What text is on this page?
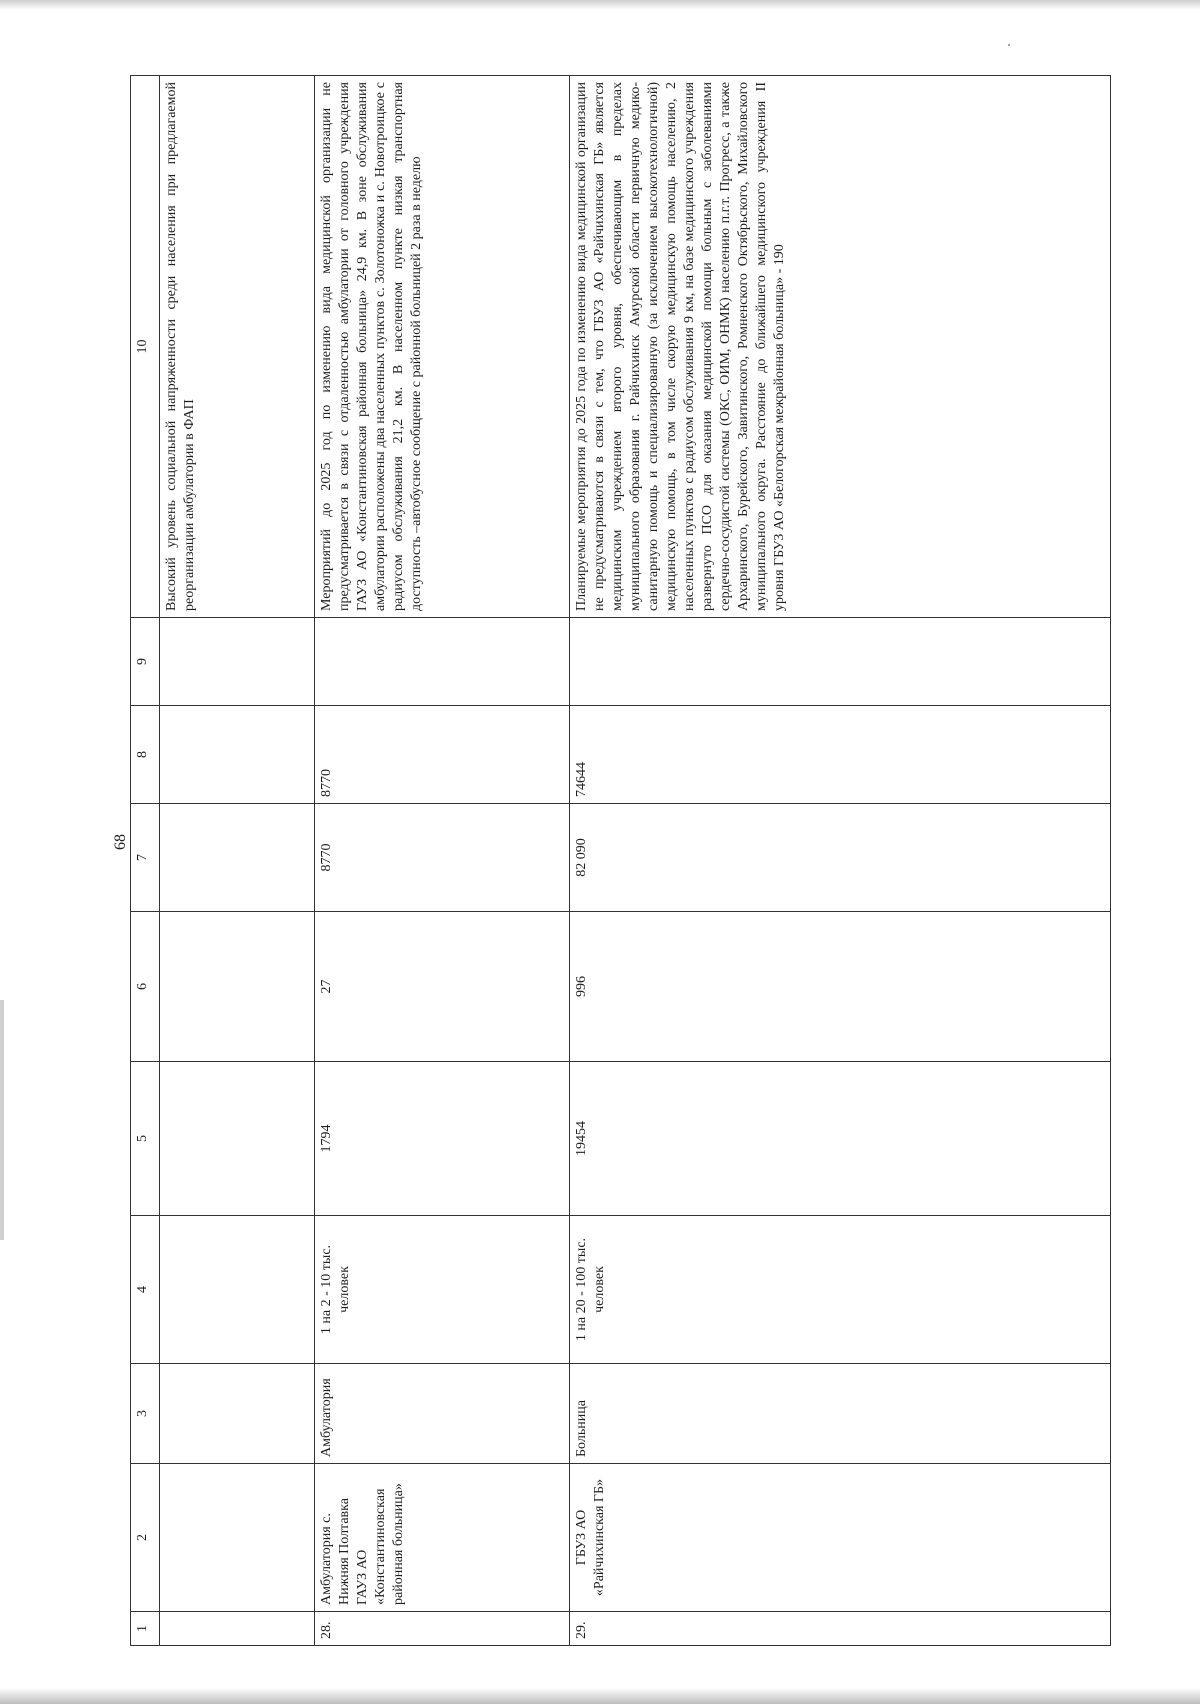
68
1	2	3	4	5	6	7	8	9	10
									Высокий уровень социальной напряженности среди населения при предлагаемой реорганизации амбулатории в ФАП
28.	Амбулатория с. Нижняя Полтавка ГАУЗ АО «Константиновская районная больница»	Амбулатория	1 на 2 - 10 тыс. человек	1794	27	8770	8770		Мероприятий до 2025 год по изменению вида медицинской организации не предусматривается в связи с отдаленностью амбулатории от головного учреждения ГАУЗ АО «Константиновская районная больница» 24,9 км. В зоне обслуживания амбулатории расположены два населенных пунктов с. Золотоножка и с. Новотроицкое с радиусом обслуживания 21,2 км. В населенном пункте низкая транспортная доступность –автобусное сообщение с районной больницей 2 раза в неделю
29.	ГБУЗ АО «Райчихинская ГБ»	Больница	1 на 20 - 100 тыс. человек	19454	996	82 090	74644		Планируемые мероприятия до 2025 года по изменению вида медицинской организации не предусматриваются в связи с тем, что ГБУЗ АО «Райчихинская ГБ» является медицинским учреждением второго уровня, обеспечивающим в пределах муниципального образования г. Райчихинск Амурской области первичную медико-санитарную помощь и специализированную (за исключением высокотехнологичной) медицинскую помощь, в том числе скорую медицинскую помощь населению, 2 населенных пунктов с радиусом обслуживания 9 км, на базе медицинского учреждения развернуто ПСО для оказания медицинской помощи больным с заболеваниями сердечно-сосудистой системы (ОКС, ОИМ, ОНМК) населению п.г.т. Прогресс, а также Архаринского, Бурейского, Завитинского, Ромненского Октябрьского, Михайловского муниципального округа. Расстояние до ближайшего медицинского учреждения II уровня ГБУЗ АО «Белогорская межрайонная больница» - 190
